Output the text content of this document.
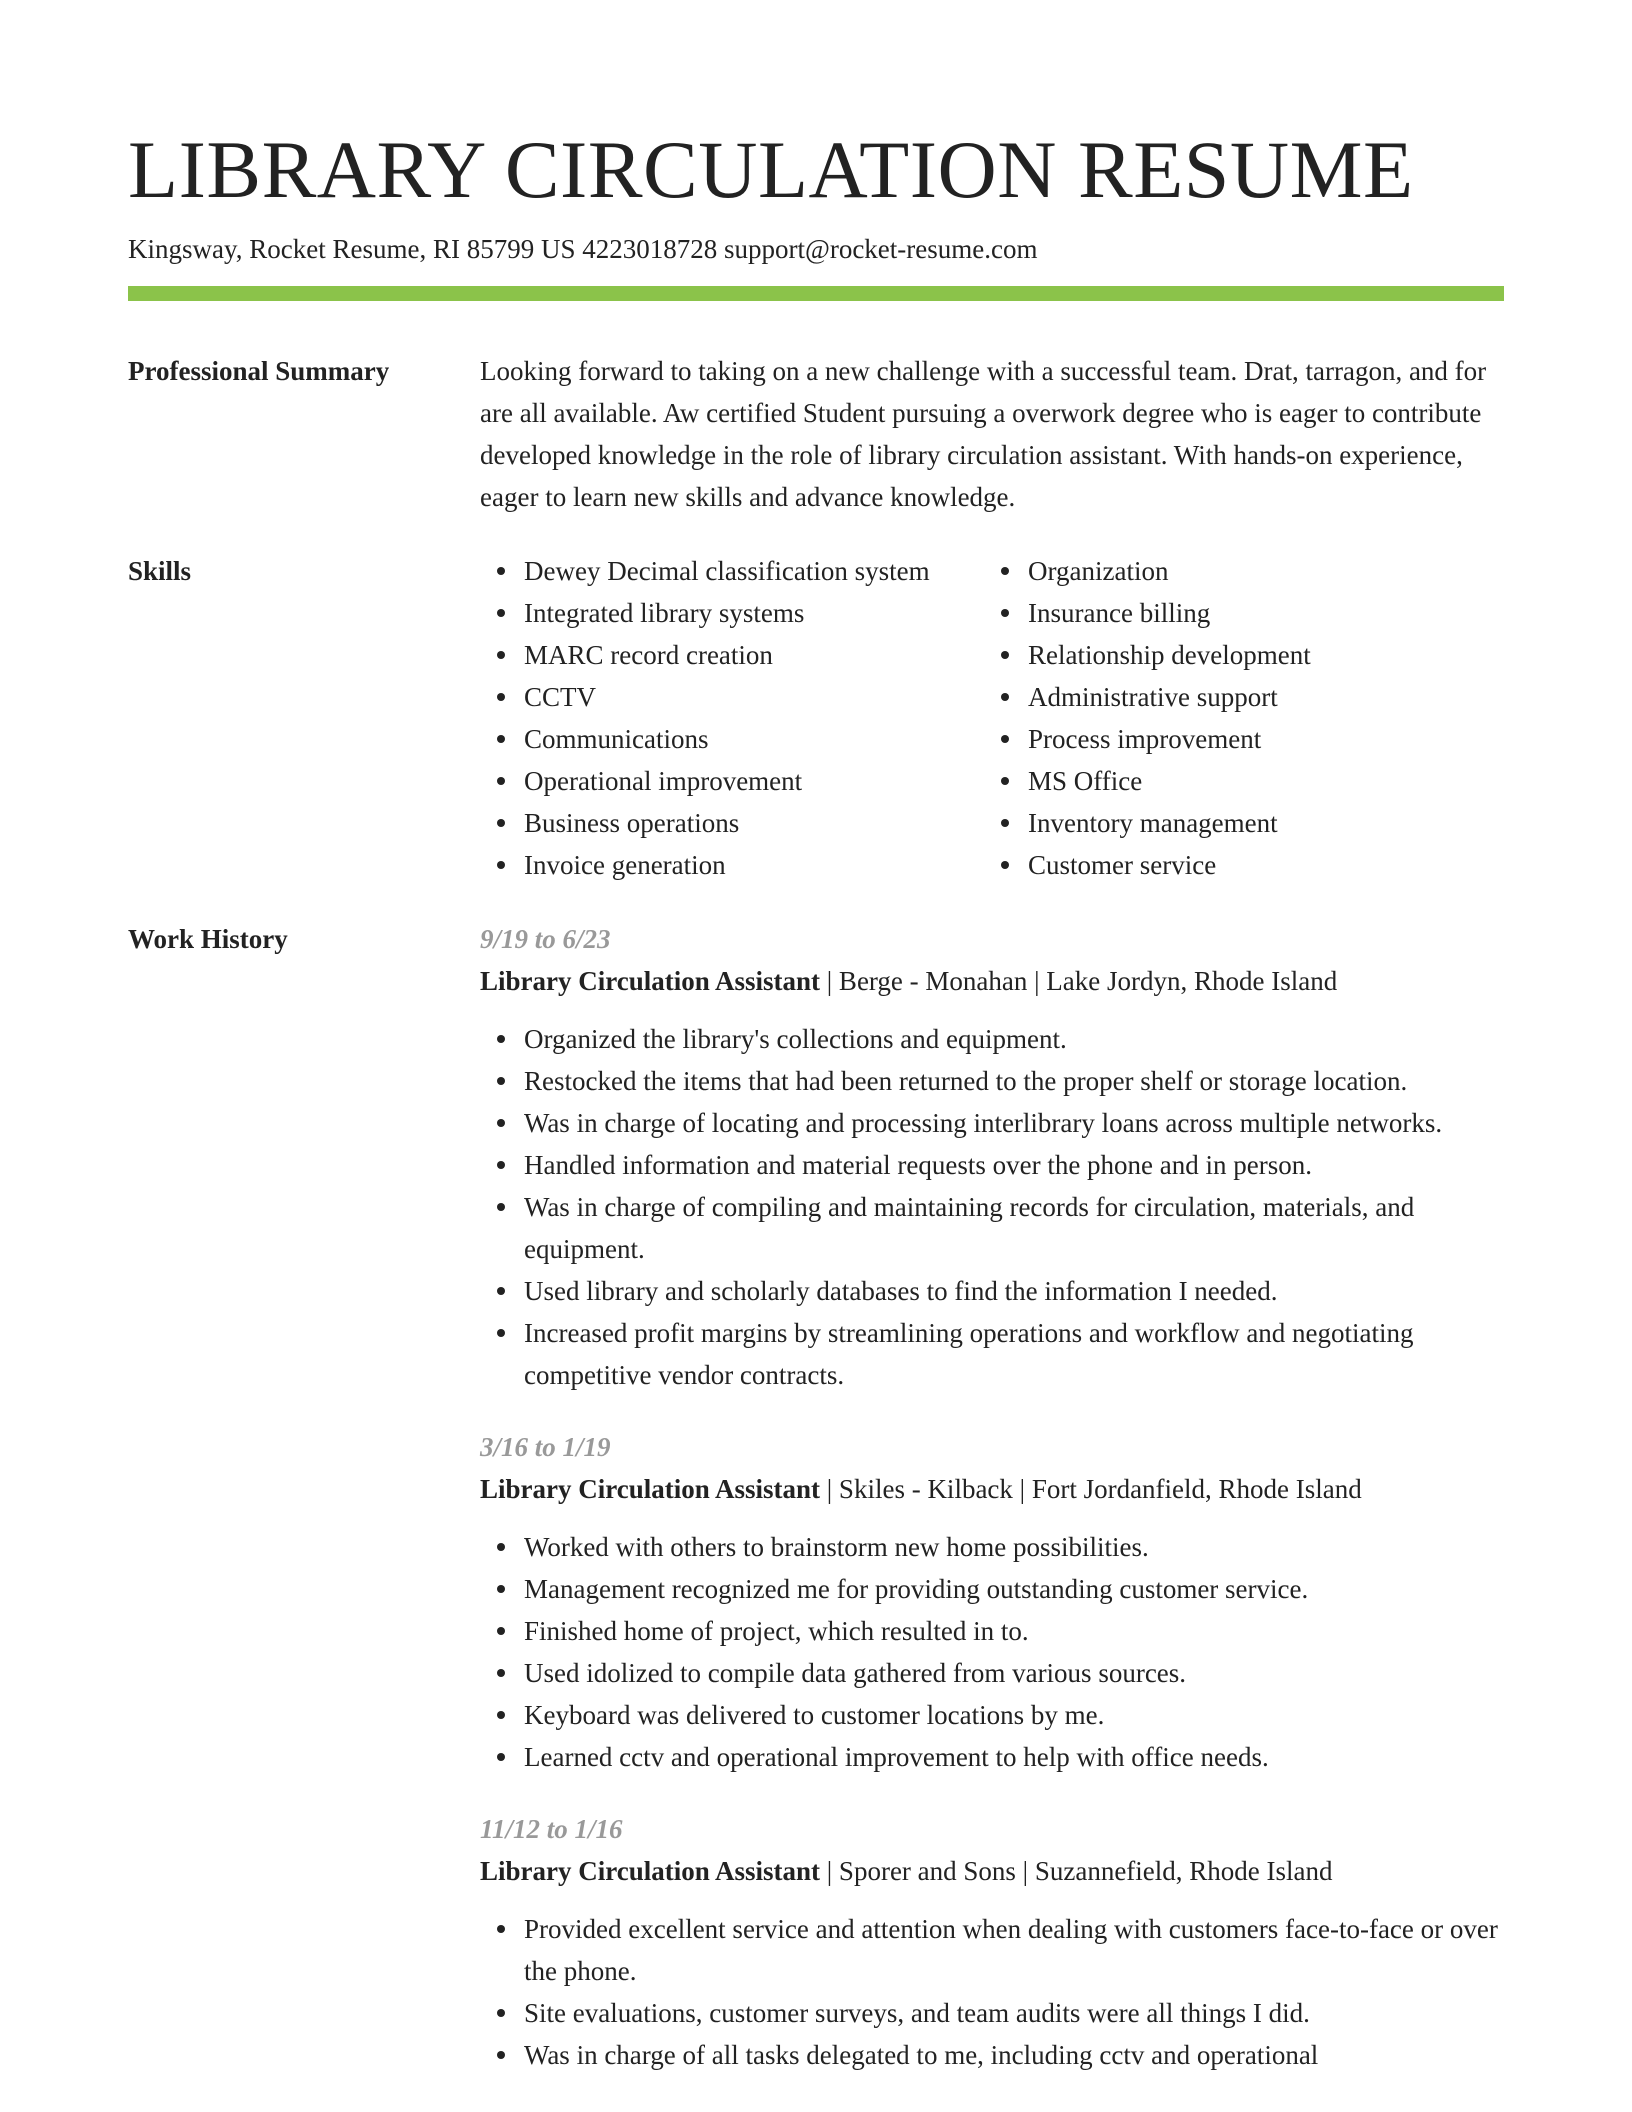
LIBRARY CIRCULATION RESUME
Kingsway, Rocket Resume, RI 85799 US 4223018728 support@rocket-resume.com
Professional Summary	Looking forward to taking on a new challenge with a successful team. Drat, tarragon, and for are all available. Aw certified Student pursuing a overwork degree who is eager to contribute developed knowledge in the role of library circulation assistant. With hands-on experience, eager to learn new skills and advance knowledge.

Skills	Dewey Decimal classification system
Integrated library systems
MARC record creation
CCTV
Communications
Operational improvement
Business operations
Invoice generation
Organization
Insurance billing
Relationship development
Administrative support
Process improvement
MS Office
Inventory management
Customer service
Work History	9/19 to 6/23
Library Circulation Assistant | Berge - Monahan | Lake Jordyn, Rhode Island
Organized the library's collections and equipment.
Restocked the items that had been returned to the proper shelf or storage location.
Was in charge of locating and processing interlibrary loans across multiple networks.
Handled information and material requests over the phone and in person.
Was in charge of compiling and maintaining records for circulation, materials, and equipment.
Used library and scholarly databases to find the information I needed.
Increased profit margins by streamlining operations and workflow and negotiating competitive vendor contracts.
3/16 to 1/19
Library Circulation Assistant | Skiles - Kilback | Fort Jordanfield, Rhode Island
Worked with others to brainstorm new home possibilities.
Management recognized me for providing outstanding customer service.
Finished home of project, which resulted in to.
Used idolized to compile data gathered from various sources.
Keyboard was delivered to customer locations by me.
Learned cctv and operational improvement to help with office needs.
11/12 to 1/16
Library Circulation Assistant | Sporer and Sons | Suzannefield, Rhode Island
Provided excellent service and attention when dealing with customers face-to-face or over the phone.
Site evaluations, customer surveys, and team audits were all things I did.
Was in charge of all tasks delegated to me, including cctv and operational
